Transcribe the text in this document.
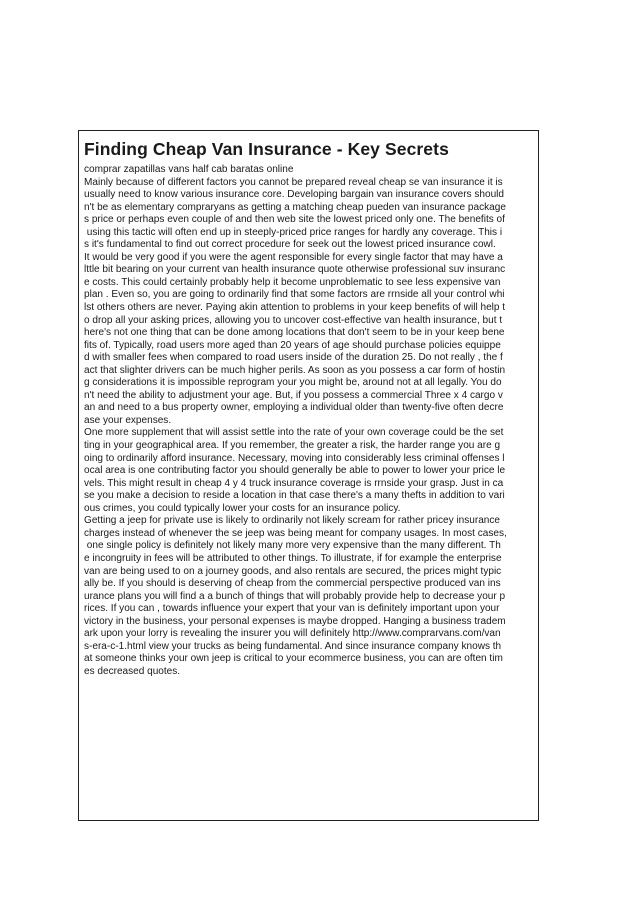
Finding Cheap Van Insurance - Key Secrets
comprar zapatillas vans half cab baratas online
Mainly because of different factors you cannot be prepared reveal cheap se van insurance it is
usually need to know various insurance core. Developing bargain van insurance covers should
n't be as elementary compraryans as getting a matching cheap pueden van insurance package
s price or perhaps even couple of and then web site the lowest priced only one. The benefits of
using this tactic will often end up in steeply-priced price ranges for hardly any coverage. This i
s it's fundamental to find out correct procedure for seek out the lowest priced insurance cowl.
It would be very good if you were the agent responsible for every single factor that may have a
lttle bit bearing on your current van health insurance quote otherwise professional suv insuranc
e costs. This could certainly probably help it become unproblematic to see less expensive van
plan . Even so, you are going to ordinarily find that some factors are rrnside all your control whi
lst others others are never. Paying akin attention to problems in your keep benefits of will help t
o drop all your asking prices, allowing you to uncover cost-effective van health insurance, but t
here's not one thing that can be done among locations that don't seem to be in your keep bene
fits of. Typically, road users more aged than 20 years of age should purchase policies equippe
d with smaller fees when compared to road users inside of the duration 25. Do not really , the f
act that slighter drivers can be much higher perils. As soon as you possess a car form of hostin
g considerations it is impossible reprogram your you might be, around not at all legally. You do
n't need the ability to adjustment your age. But, if you possess a commercial Three x 4 cargo v
an and need to a bus property owner, employing a individual older than twenty-five often decre
ase your expenses.
One more supplement that will assist settle into the rate of your own coverage could be the set
ting in your geographical area. If you remember, the greater a risk, the harder range you are g
oing to ordinarily afford insurance. Necessary, moving into considerably less criminal offenses l
ocal area is one contributing factor you should generally be able to power to lower your price le
vels. This might result in cheap 4 y 4 truck insurance coverage is rrnside your grasp. Just in ca
se you make a decision to reside a location in that case there's a many thefts in addition to vari
ous crimes, you could typically lower your costs for an insurance policy.
Getting a jeep for private use is likely to ordinarily not likely scream for rather pricey insurance
charges instead of whenever the se jeep was being meant for company usages. In most cases,
one single policy is definitely not likely many more very expensive than the many different. Th
e incongruity in fees will be attributed to other things. To illustrate, if for example the enterprise
van are being used to on a journey goods, and also rentals are secured, the prices might typic
ally be. If you should is deserving of cheap from the commercial perspective produced van ins
urance plans you will find a a bunch of things that will probably provide help to decrease your p
rices. If you can , towards influence your expert that your van is definitely important upon your
victory in the business, your personal expenses is maybe dropped. Hanging a business tradem
ark upon your lorry is revealing the insurer you will definitely http://www.comprarvans.com/van
s-era-c-1.html view your trucks as being fundamental. And since insurance company knows th
at someone thinks your own jeep is critical to your ecommerce business, you can are often tim
es decreased quotes.
